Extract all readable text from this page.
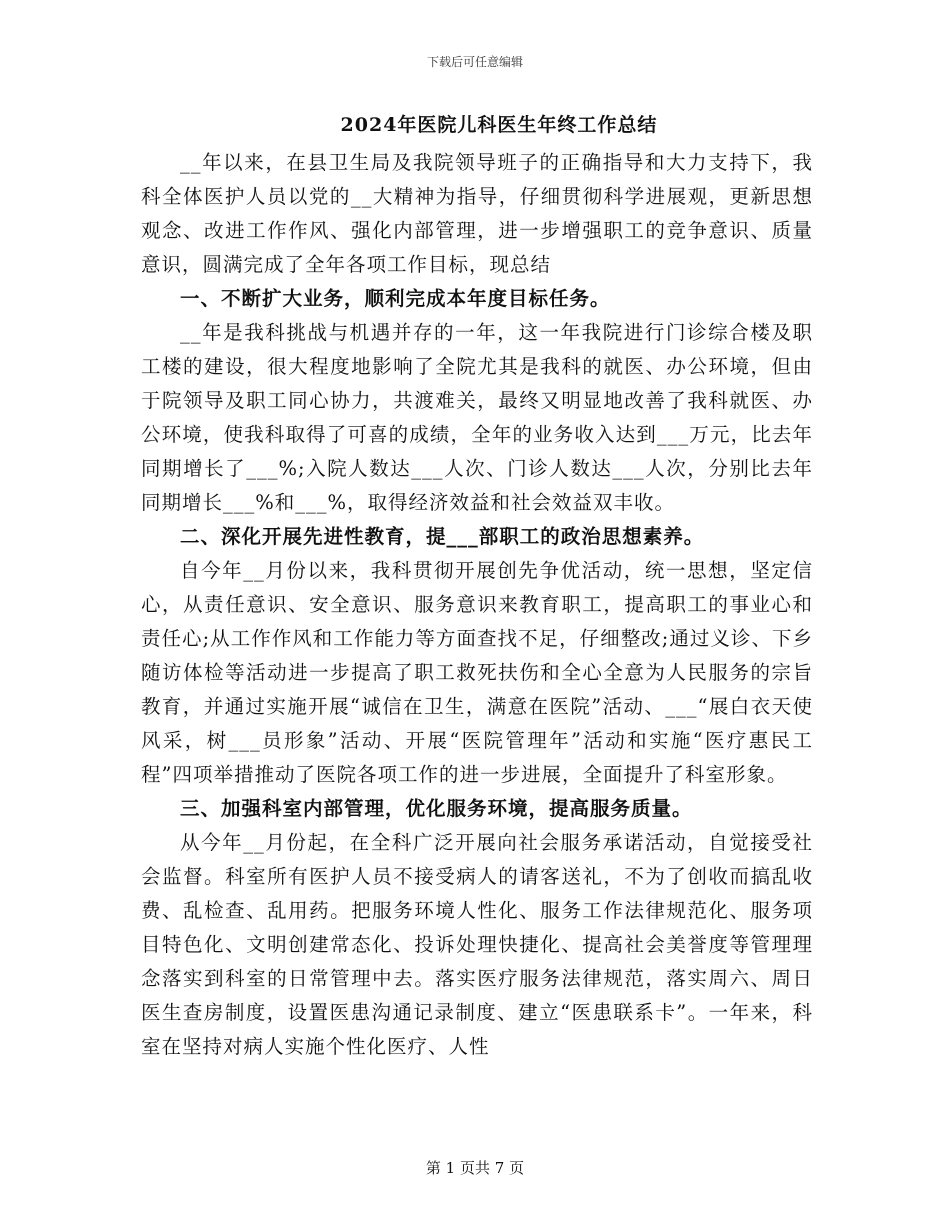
下载后可任意编辑
2024年医院儿科医生年终工作总结

__年以来，在县卫生局及我院领导班子的正确指导和大力支持下，我科全体医护人员以党的__大精神为指导，仔细贯彻科学进展观，更新思想观念、改进工作作风、强化内部管理，进一步增强职工的竞争意识、质量意识，圆满完成了全年各项工作目标，现总结

一、不断扩大业务，顺利完成本年度目标任务。

__年是我科挑战与机遇并存的一年，这一年我院进行门诊综合楼及职工楼的建设，很大程度地影响了全院尤其是我科的就医、办公环境，但由于院领导及职工同心协力，共渡难关，最终又明显地改善了我科就医、办公环境，使我科取得了可喜的成绩，全年的业务收入达到___万元，比去年同期增长了___%;入院人数达___人次、门诊人数达___人次，分别比去年同期增长___%和___%，取得经济效益和社会效益双丰收。

二、深化开展先进性教育，提___部职工的政治思想素养。

自今年__月份以来，我科贯彻开展创先争优活动，统一思想，坚定信心，从责任意识、安全意识、服务意识来教育职工，提高职工的事业心和责任心;从工作作风和工作能力等方面查找不足，仔细整改;通过义诊、下乡随访体检等活动进一步提高了职工救死扶伤和全心全意为人民服务的宗旨教育，并通过实施开展“诚信在卫生，满意在医院”活动、___“展白衣天使风采，树___员形象”活动、开展“医院管理年”活动和实施“医疗惠民工程”四项举措推动了医院各项工作的进一步进展，全面提升了科室形象。

三、加强科室内部管理，优化服务环境，提高服务质量。

从今年__月份起，在全科广泛开展向社会服务承诺活动，自觉接受社会监督。科室所有医护人员不接受病人的请客送礼，不为了创收而搞乱收费、乱检查、乱用药。把服务环境人性化、服务工作法律规范化、服务项目特色化、文明创建常态化、投诉处理快捷化、提高社会美誉度等管理理念落实到科室的日常管理中去。落实医疗服务法律规范，落实周六、周日医生查房制度，设置医患沟通记录制度、建立“医患联系卡”。一年来，科室在坚持对病人实施个性化医疗、人性

第 1 页共 7 页
